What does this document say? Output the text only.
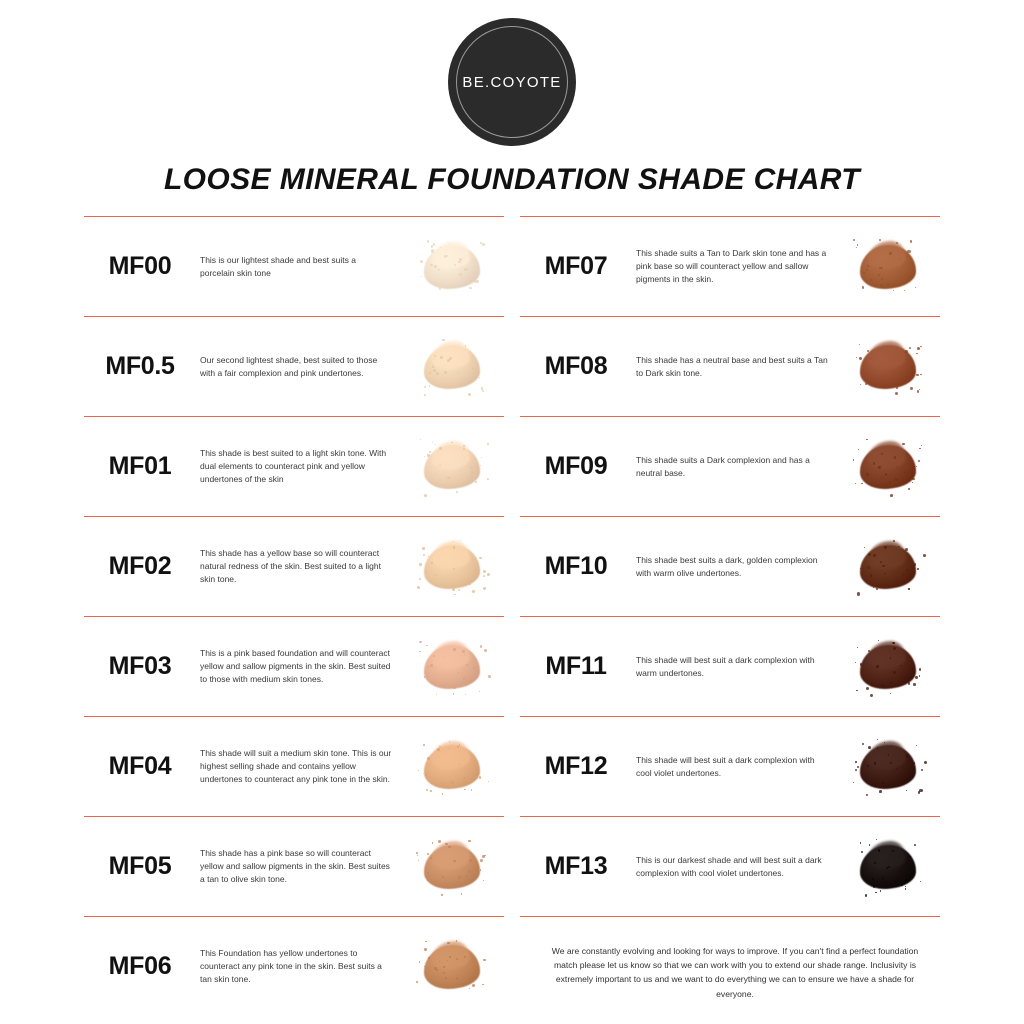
BE.COYOTE
LOOSE MINERAL FOUNDATION SHADE CHART
MF00	This is our lightest shade and best suits a porcelain skin tone
MF0.5	Our second lightest shade, best suited to those with a fair complexion and pink undertones.
MF01	This shade is best suited to a light skin tone. With dual elements to counteract pink and yellow undertones of the skin
MF02	This shade has a yellow base so will counteract natural redness of the skin. Best suited to a light skin tone.
MF03	This is a pink based foundation and will counteract yellow and sallow pigments in the skin. Best suited to those with medium skin tones.
MF04	This shade will suit a medium skin tone. This is our highest selling shade and contains yellow undertones to counteract any pink tone in the skin.
MF05	This shade has a pink base so will counteract yellow and sallow pigments in the skin. Best suites a tan to olive skin tone.
MF06	This Foundation has yellow undertones to counteract any pink tone in the skin. Best suits a tan skin tone.
MF07	This shade suits a Tan to Dark skin tone and has a pink base so will counteract yellow and sallow pigments in the skin.
MF08	This shade has a neutral base and best suits a Tan to Dark skin tone.
MF09	This shade suits a Dark complexion and has a neutral base.
MF10	This shade best suits a dark, golden complexion with warm olive undertones.
MF11	This shade will best suit a dark complexion with warm undertones.
MF12	This shade will best suit a dark complexion with cool violet undertones.
MF13	This is our darkest shade and will best suit a dark complexion with cool violet undertones.
We are constantly evolving and looking for ways to improve. If you can't find a perfect foundation match please let us know so that we can work with you to extend our shade range. Inclusivity is extremely important to us and we want to do everything we can to ensure we have a shade for everyone.
